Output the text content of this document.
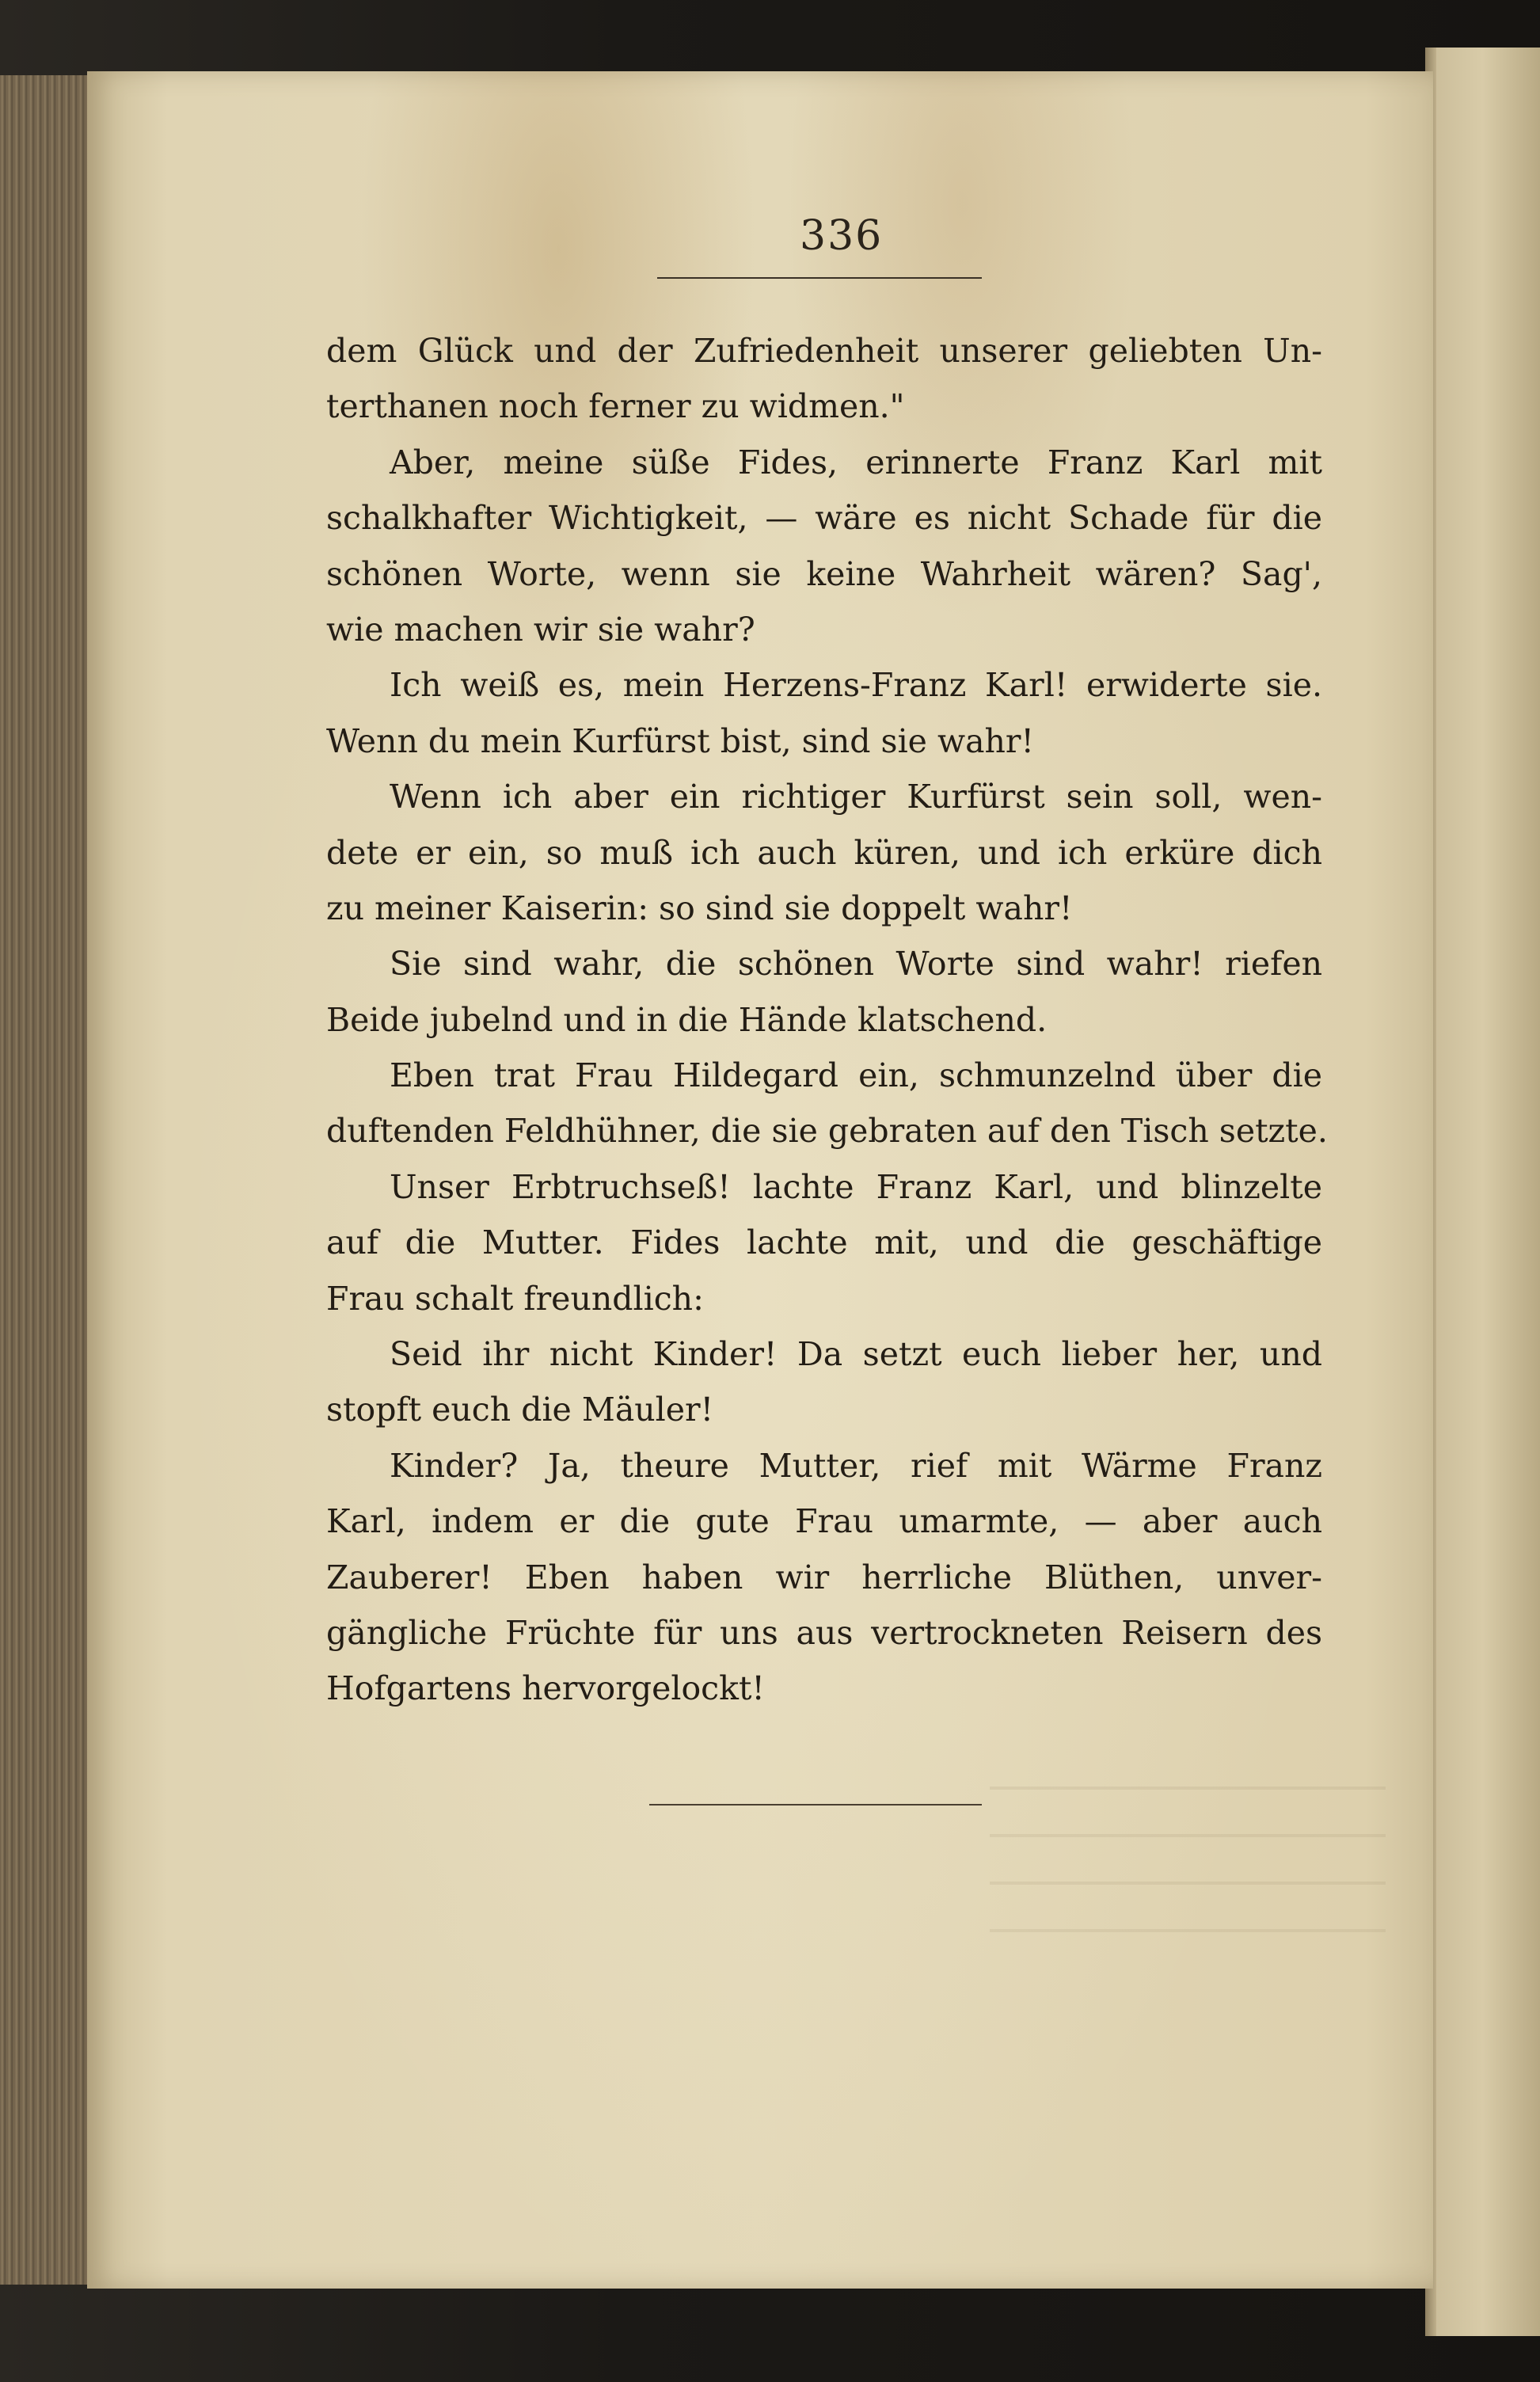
336
dem Glück und der Zufriedenheit unserer geliebten Un-
terthanen noch ferner zu widmen."
Aber, meine süße Fides, erinnerte Franz Karl mit
schalkhafter Wichtigkeit, — wäre es nicht Schade für die
schönen Worte, wenn sie keine Wahrheit wären? Sag',
wie machen wir sie wahr?
Ich weiß es, mein Herzens-Franz Karl! erwiderte sie.
Wenn du mein Kurfürst bist, sind sie wahr!
Wenn ich aber ein richtiger Kurfürst sein soll, wen-
dete er ein, so muß ich auch küren, und ich erküre dich
zu meiner Kaiserin: so sind sie doppelt wahr!
Sie sind wahr, die schönen Worte sind wahr! riefen
Beide jubelnd und in die Hände klatschend.
Eben trat Frau Hildegard ein, schmunzelnd über die
duftenden Feldhühner, die sie gebraten auf den Tisch setzte.
Unser Erbtruchseß! lachte Franz Karl, und blinzelte
auf die Mutter. Fides lachte mit, und die geschäftige
Frau schalt freundlich:
Seid ihr nicht Kinder! Da setzt euch lieber her, und
stopft euch die Mäuler!
Kinder? Ja, theure Mutter, rief mit Wärme Franz
Karl, indem er die gute Frau umarmte, — aber auch
Zauberer! Eben haben wir herrliche Blüthen, unver-
gängliche Früchte für uns aus vertrockneten Reisern des
Hofgartens hervorgelockt!
